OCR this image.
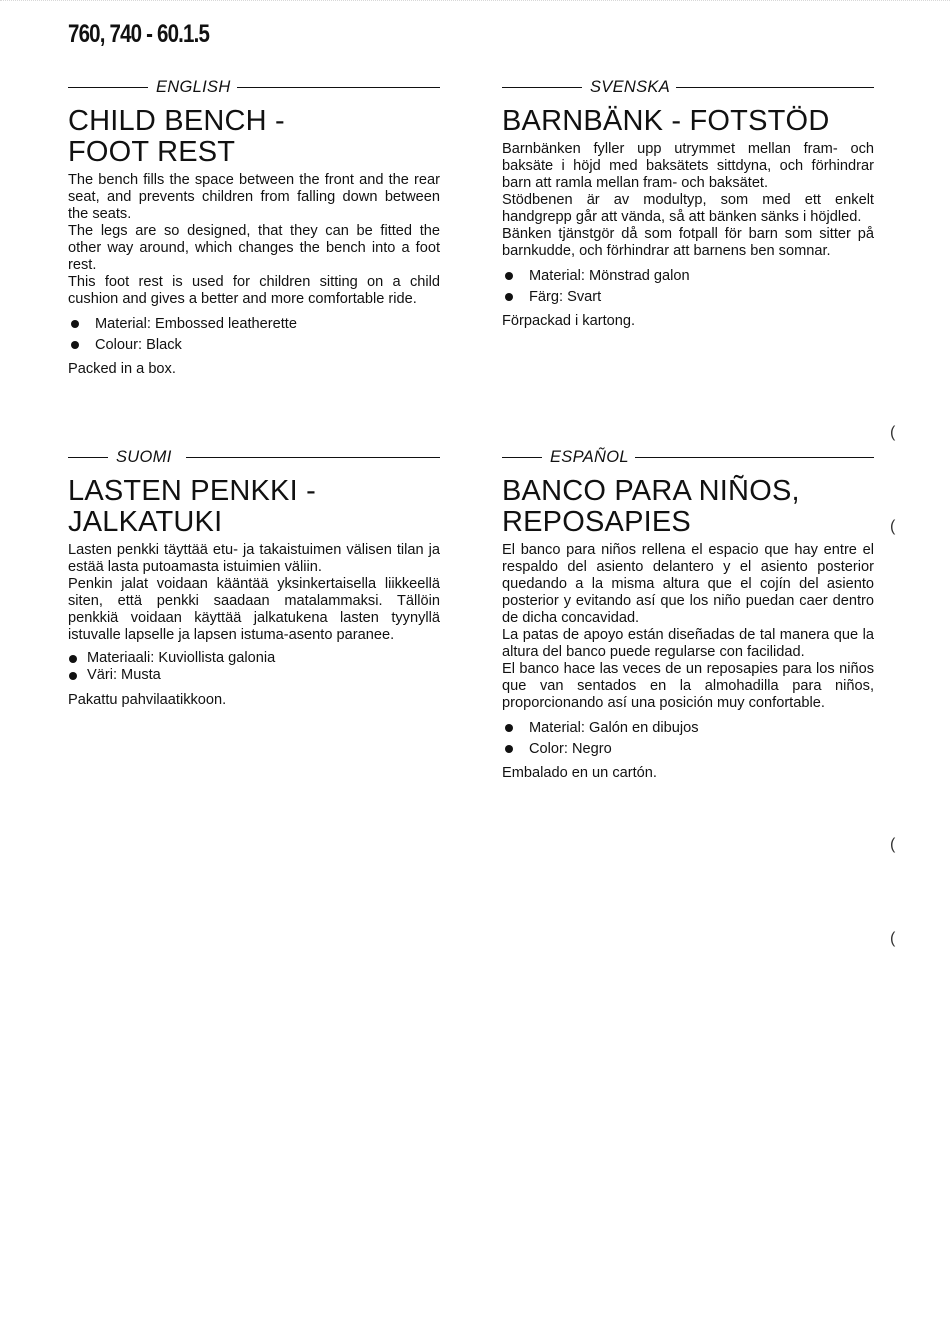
760, 740 - 60.1.5
ENGLISH
CHILD BENCH -
FOOT REST

The bench fills the space between the front and the rear seat, and prevents children from falling down between the seats.

The legs are so designed, that they can be fitted the other way around, which changes the bench into a foot rest.

This foot rest is used for children sitting on a child cushion and gives a better and more comfortable ride.

Material: Embossed leatherette
Colour: Black
Packed in a box.
SVENSKA
BARNBÄNK - FOTSTÖD

Barnbänken fyller upp utrymmet mellan fram- och baksäte i höjd med baksätets sittdyna, och förhindrar barn att ramla mellan fram- och baksätet.

Stödbenen är av modultyp, som med ett enkelt handgrepp går att vända, så att bänken sänks i höjdled.

Bänken tjänstgör då som fotpall för barn som sitter på barnkudde, och förhindrar att barnens ben somnar.

Material: Mönstrad galon
Färg: Svart
Förpackad i kartong.
SUOMI
LASTEN PENKKI -
JALKATUKI

Lasten penkki täyttää etu- ja takaistuimen välisen tilan ja estää lasta putoamasta istuimien väliin.

Penkin jalat voidaan kääntää yksinkertaisella liikkeellä siten, että penkki saadaan matalammaksi. Tällöin penkkiä voidaan käyttää jalkatukena lasten tyynyllä istuvalle lapselle ja lapsen istuma-asento paranee.

Materiaali: Kuviollista galonia
Väri: Musta
Pakattu pahvilaatikkoon.
ESPAÑOL
BANCO PARA NIÑOS,
REPOSAPIES

El banco para niños rellena el espacio que hay entre el respaldo del asiento delantero y el asiento posterior quedando a la misma altura que el cojín del asiento posterior y evitando así que los niño puedan caer dentro de dicha concavidad.

La patas de apoyo están diseñadas de tal manera que la altura del banco puede regularse con facilidad.

El banco hace las veces de un reposapies para los niños que van sentados en la almohadilla para niños, proporcionando así una posición muy confortable.

Material: Galón en dibujos
Color: Negro
Embalado en un cartón.
(
(
(
(
